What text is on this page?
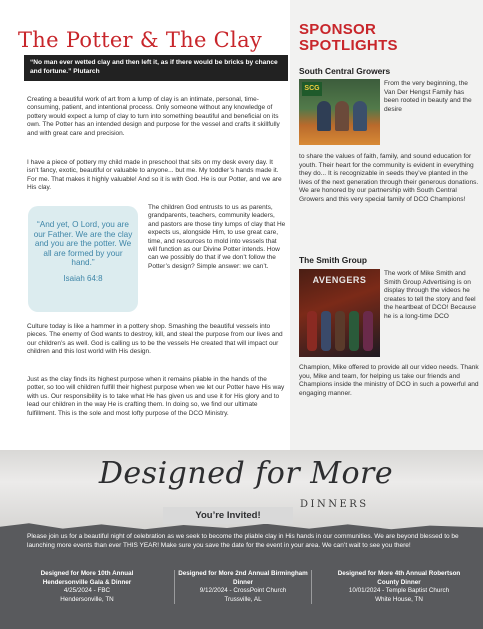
The Potter & The Clay
“No man ever wetted clay and then left it, as if there would be bricks by chance and fortune.” Plutarch

Creating a beautiful work of art from a lump of clay is an intimate, personal, time-consuming, patient, and intentional process. Only someone without any knowledge of pottery would expect a lump of clay to turn into something beautiful and beneficial on its own. The Potter has an intended design and purpose for the vessel and crafts it skillfully and with great care and precision.

I have a piece of pottery my child made in preschool that sits on my desk every day. It isn’t fancy, exotic, beautiful or valuable to anyone... but me. My toddler’s hands made it. For me. That makes it highly valuable! And so it is with God. He is our Potter, and we are His clay.

“And yet, O Lord, you are our Father. We are the clay and you are the potter. We all are formed by your hand.”
Isaiah 64:8

The children God entrusts to us as parents, grandparents, teachers, community leaders, and pastors are those tiny lumps of clay that He expects us, alongside Him, to use great care, time, and resources to mold into vessels that will function as our Divine Potter intends. How can we possibly do that if we don’t follow the Potter’s design? Simple answer: we can’t.

Culture today is like a hammer in a pottery shop. Smashing the beautiful vessels into pieces. The enemy of God wants to destroy, kill, and steal the purpose from our lives and our children’s as well. God is calling us to be the vessels He created that will impact our children and this lost world with His design.

Just as the clay finds its highest purpose when it remains pliable in the hands of the potter, so too will children fulfill their highest purpose when we let our Potter have His way with us. Our responsibility is to take what He has given us and use it for His glory and to lead our children in the way He is crafting them. In doing so, we find our ultimate fulfillment. This is the sole and most lofty purpose of the DCO Ministry.

SPONSOR
SPOTLIGHTS
South Central Growers
SCG

From the very beginning, the Van Der Hengst Family has been rooted in beauty and the desire

to share the values of faith, family, and sound education for youth. Their heart for the community is evident in everything they do... It is recognizable in seeds they’ve planted in the lives of the next generation through their generous donations. We are honored by our partnership with South Central Growers and this very special family of DCO Champions!

The Smith Group
AVENGERS

The work of Mike Smith and Smith Group Advertising is on display through the videos he creates to tell the story and feel the heartbeat of DCO! Because he is a long-time DCO

Champion, Mike offered to provide all our video needs. Thank you, Mike and team, for helping us take our friends and Champions inside the ministry of DCO in such a powerful and engaging manner.

Designed for More
DINNERS
You’re Invited!

Please join us for a beautiful night of celebration as we seek to become the pliable clay in His hands in our communities. We are beyond blessed to be launching more events than ever THIS YEAR! Make sure you save the date for the event in your area. We can’t wait to see you there!

Designed for More 10th Annual Hendersonville Gala & Dinner
4/25/2024 - FBC
Hendersonville, TN
Designed for More 2nd Annual Birmingham Dinner
9/12/2024 - CrossPoint Church
Trussville, AL
Designed for More 4th Annual Robertson County Dinner
10/01/2024 - Temple Baptist Church
White House, TN
